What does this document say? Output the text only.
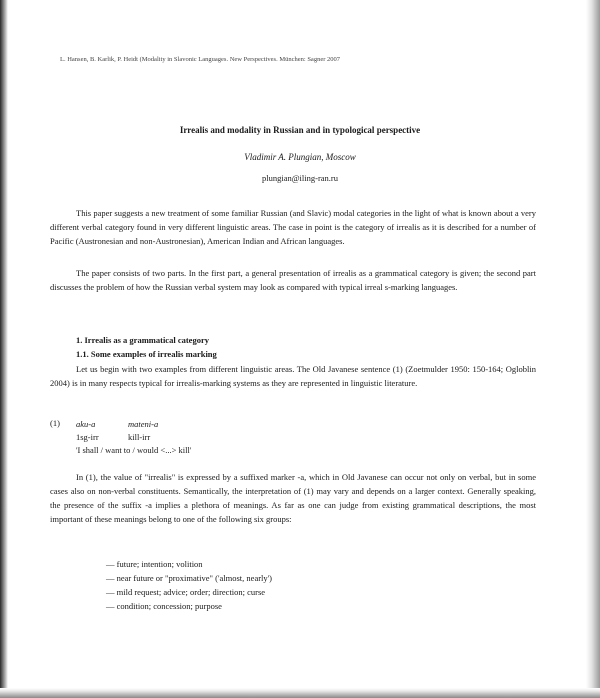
L. Hansen, B. Karlik, P. Heidt (Modality in Slavonic Languages. New Perspectives. München: Sagner 2007
Irrealis and modality in Russian and in typological perspective
Vladimir A. Plungian, Moscow
plungian@iling-ran.ru

This paper suggests a new treatment of some familiar Russian (and Slavic) modal categories in the light of what is known about a very different verbal category found in very different linguistic areas. The case in point is the category of irrealis as it is described for a number of Pacific (Austronesian and non-Austronesian), American Indian and African languages.

The paper consists of two parts. In the first part, a general presentation of irrealis as a grammatical category is given; the second part discusses the problem of how the Russian verbal system may look as compared with typical irreal s-marking languages.

1. Irrealis as a grammatical category
1.1. Some examples of irrealis marking

Let us begin with two examples from different linguistic areas. The Old Javanese sentence (1) (Zoetmulder 1950: 150-164; Ogloblin 2004) is in many respects typical for irrealis-marking systems as they are represented in linguistic literature.

(1) aku-a
1sg-irr
mateni-a
kill-irr
'I shall / want to / would <...> kill'

In (1), the value of "irrealis" is expressed by a suffixed marker -a, which in Old Javanese can occur not only on verbal, but in some cases also on non-verbal constituents. Semantically, the interpretation of (1) may vary and depends on a larger context. Generally speaking, the presence of the suffix -a implies a plethora of meanings. As far as one can judge from existing grammatical descriptions, the most important of these meanings belong to one of the following six groups:

— future; intention; volition
— near future or "proximative" ('almost, nearly')
— mild request; advice; order; direction; curse
— condition; concession; purpose
